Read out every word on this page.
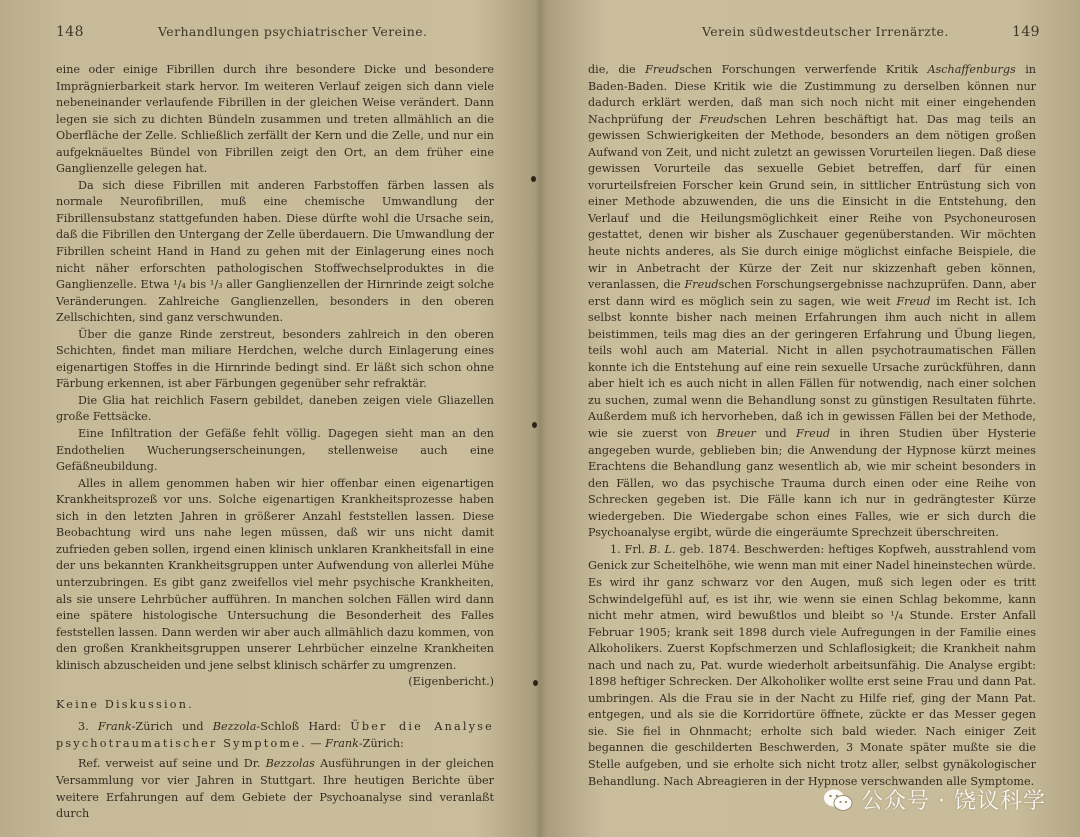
148	Verhandlungen psychiatrischer Vereine.

eine oder einige Fibrillen durch ihre besondere Dicke und besondere Imprägnierbarkeit stark hervor. Im weiteren Verlauf zeigen sich dann viele nebeneinander verlaufende Fibrillen in der gleichen Weise verändert. Dann legen sie sich zu dichten Bündeln zusammen und treten allmählich an die Oberfläche der Zelle. Schließlich zerfällt der Kern und die Zelle, und nur ein aufgeknäueltes Bündel von Fibrillen zeigt den Ort, an dem früher eine Ganglienzelle gelegen hat.

Da sich diese Fibrillen mit anderen Farbstoffen färben lassen als normale Neurofibrillen, muß eine chemische Umwandlung der Fibrillensubstanz stattgefunden haben. Diese dürfte wohl die Ursache sein, daß die Fibrillen den Untergang der Zelle überdauern. Die Umwandlung der Fibrillen scheint Hand in Hand zu gehen mit der Einlagerung eines noch nicht näher erforschten pathologischen Stoffwechselproduktes in die Ganglienzelle. Etwa ¹/₄ bis ¹/₃ aller Ganglienzellen der Hirnrinde zeigt solche Veränderungen. Zahlreiche Ganglienzellen, besonders in den oberen Zellschichten, sind ganz verschwunden.

Über die ganze Rinde zerstreut, besonders zahlreich in den oberen Schichten, findet man miliare Herdchen, welche durch Einlagerung eines eigenartigen Stoffes in die Hirnrinde bedingt sind. Er läßt sich schon ohne Färbung erkennen, ist aber Färbungen gegenüber sehr refraktär.

Die Glia hat reichlich Fasern gebildet, daneben zeigen viele Gliazellen große Fettsäcke.

Eine Infiltration der Gefäße fehlt völlig. Dagegen sieht man an den Endothelien Wucherungserscheinungen, stellenweise auch eine Gefäßneubildung.

Alles in allem genommen haben wir hier offenbar einen eigenartigen Krankheitsprozeß vor uns. Solche eigenartigen Krankheitsprozesse haben sich in den letzten Jahren in größerer Anzahl feststellen lassen. Diese Beobachtung wird uns nahe legen müssen, daß wir uns nicht damit zufrieden geben sollen, irgend einen klinisch unklaren Krankheitsfall in eine der uns bekannten Krankheitsgruppen unter Aufwendung von allerlei Mühe unterzubringen. Es gibt ganz zweifellos viel mehr psychische Krankheiten, als sie unsere Lehrbücher aufführen. In manchen solchen Fällen wird dann eine spätere histologische Untersuchung die Besonderheit des Falles feststellen lassen. Dann werden wir aber auch allmählich dazu kommen, von den großen Krankheitsgruppen unserer Lehrbücher einzelne Krankheiten klinisch abzuscheiden und jene selbst klinisch schärfer zu umgrenzen.

(Eigenbericht.)

Keine Diskussion.

3. Frank-Zürich und Bezzola-Schloß Hard: Über die Analyse psychotraumatischer Symptome. — Frank-Zürich:

Ref. verweist auf seine und Dr. Bezzolas Ausführungen in der gleichen Versammlung vor vier Jahren in Stuttgart. Ihre heutigen Berichte über weitere Erfahrungen auf dem Gebiete der Psychoanalyse sind veranlaßt durch

Verein südwestdeutscher Irrenärzte.	149

die, die Freudschen Forschungen verwerfende Kritik Aschaffenburgs in Baden-Baden. Diese Kritik wie die Zustimmung zu derselben können nur dadurch erklärt werden, daß man sich noch nicht mit einer eingehenden Nachprüfung der Freudschen Lehren beschäftigt hat. Das mag teils an gewissen Schwierigkeiten der Methode, besonders an dem nötigen großen Aufwand von Zeit, und nicht zuletzt an gewissen Vorurteilen liegen. Daß diese gewissen Vorurteile das sexuelle Gebiet betreffen, darf für einen vorurteilsfreien Forscher kein Grund sein, in sittlicher Entrüstung sich von einer Methode abzuwenden, die uns die Einsicht in die Entstehung, den Verlauf und die Heilungsmöglichkeit einer Reihe von Psychoneurosen gestattet, denen wir bisher als Zuschauer gegenüberstanden. Wir möchten heute nichts anderes, als Sie durch einige möglichst einfache Beispiele, die wir in Anbetracht der Kürze der Zeit nur skizzenhaft geben können, veranlassen, die Freudschen Forschungsergebnisse nachzuprüfen. Dann, aber erst dann wird es möglich sein zu sagen, wie weit Freud im Recht ist. Ich selbst konnte bisher nach meinen Erfahrungen ihm auch nicht in allem beistimmen, teils mag dies an der geringeren Erfahrung und Übung liegen, teils wohl auch am Material. Nicht in allen psychotraumatischen Fällen konnte ich die Entstehung auf eine rein sexuelle Ursache zurückführen, dann aber hielt ich es auch nicht in allen Fällen für notwendig, nach einer solchen zu suchen, zumal wenn die Behandlung sonst zu günstigen Resultaten führte. Außerdem muß ich hervorheben, daß ich in gewissen Fällen bei der Methode, wie sie zuerst von Breuer und Freud in ihren Studien über Hysterie angegeben wurde, geblieben bin; die Anwendung der Hypnose kürzt meines Erachtens die Behandlung ganz wesentlich ab, wie mir scheint besonders in den Fällen, wo das psychische Trauma durch einen oder eine Reihe von Schrecken gegeben ist. Die Fälle kann ich nur in gedrängtester Kürze wiedergeben. Die Wiedergabe schon eines Falles, wie er sich durch die Psychoanalyse ergibt, würde die eingeräumte Sprechzeit überschreiten.

1. Frl. B. L. geb. 1874. Beschwerden: heftiges Kopfweh, ausstrahlend vom Genick zur Scheitelhöhe, wie wenn man mit einer Nadel hineinstechen würde. Es wird ihr ganz schwarz vor den Augen, muß sich legen oder es tritt Schwindelgefühl auf, es ist ihr, wie wenn sie einen Schlag bekomme, kann nicht mehr atmen, wird bewußtlos und bleibt so ¹/₄ Stunde. Erster Anfall Februar 1905; krank seit 1898 durch viele Aufregungen in der Familie eines Alkoholikers. Zuerst Kopfschmerzen und Schlaflosigkeit; die Krankheit nahm nach und nach zu, Pat. wurde wiederholt arbeitsunfähig. Die Analyse ergibt: 1898 heftiger Schrecken. Der Alkoholiker wollte erst seine Frau und dann Pat. umbringen. Als die Frau sie in der Nacht zu Hilfe rief, ging der Mann Pat. entgegen, und als sie die Korridortüre öffnete, zückte er das Messer gegen sie. Sie fiel in Ohnmacht; erholte sich bald wieder. Nach einiger Zeit begannen die geschilderten Beschwerden, 3 Monate später mußte sie die Stelle aufgeben, und sie erholte sich nicht trotz aller, selbst gynäkologischer Behandlung. Nach Abreagieren in der Hypnose verschwanden alle Symptome.

公众号 · 饶议科学
